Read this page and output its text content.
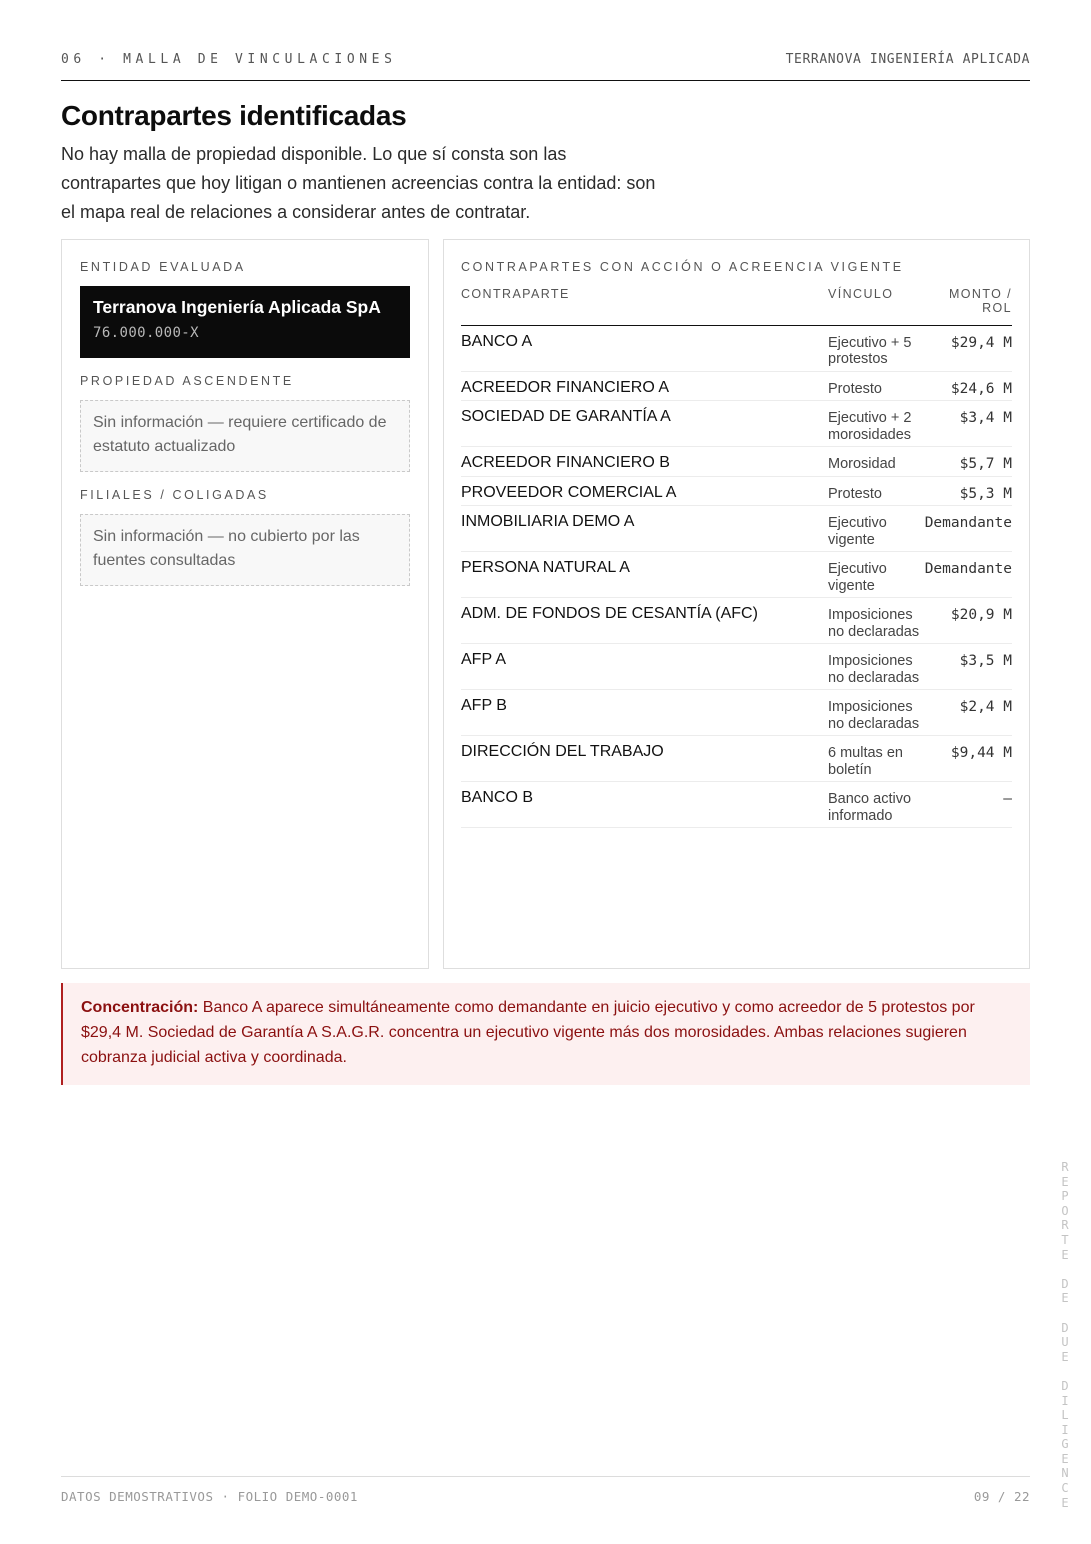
06 · MALLA DE VINCULACIONES	TERRANOVA INGENIERÍA APLICADA
Contrapartes identificadas

No hay malla de propiedad disponible. Lo que sí consta son las contrapartes que hoy litigan o mantienen acreencias contra la entidad: son el mapa real de relaciones a considerar antes de contratar.

ENTIDAD EVALUADA
Terranova Ingeniería Aplicada SpA
76.000.000-X
PROPIEDAD ASCENDENTE
Sin información — requiere certificado de estatuto actualizado
FILIALES / COLIGADAS
Sin información — no cubierto por las fuentes consultadas
CONTRAPARTES CON ACCIÓN O ACREENCIA VIGENTE
CONTRAPARTE	VÍNCULO	MONTO / ROL
BANCO A	Ejecutivo + 5 protestos	$29,4 M
ACREEDOR FINANCIERO A	Protesto	$24,6 M
SOCIEDAD DE GARANTÍA A	Ejecutivo + 2 morosidades	$3,4 M
ACREEDOR FINANCIERO B	Morosidad	$5,7 M
PROVEEDOR COMERCIAL A	Protesto	$5,3 M
INMOBILIARIA DEMO A	Ejecutivo vigente	Demandante
PERSONA NATURAL A	Ejecutivo vigente	Demandante
ADM. DE FONDOS DE CESANTÍA (AFC)	Imposiciones no declaradas	$20,9 M
AFP A	Imposiciones no declaradas	$3,5 M
AFP B	Imposiciones no declaradas	$2,4 M
DIRECCIÓN DEL TRABAJO	6 multas en boletín	$9,44 M
BANCO B	Banco activo informado	—
Concentración: Banco A aparece simultáneamente como demandante en juicio ejecutivo y como acreedor de 5 protestos por $29,4 M. Sociedad de Garantía A S.A.G.R. concentra un ejecutivo vigente más dos morosidades. Ambas relaciones sugieren cobranza judicial activa y coordinada.
R
E
P
O
R
T
E

D
E

D
U
E

D
I
L
I
G
E
N
C
E
DATOS DEMOSTRATIVOS · FOLIO DEMO-0001	09 / 22
